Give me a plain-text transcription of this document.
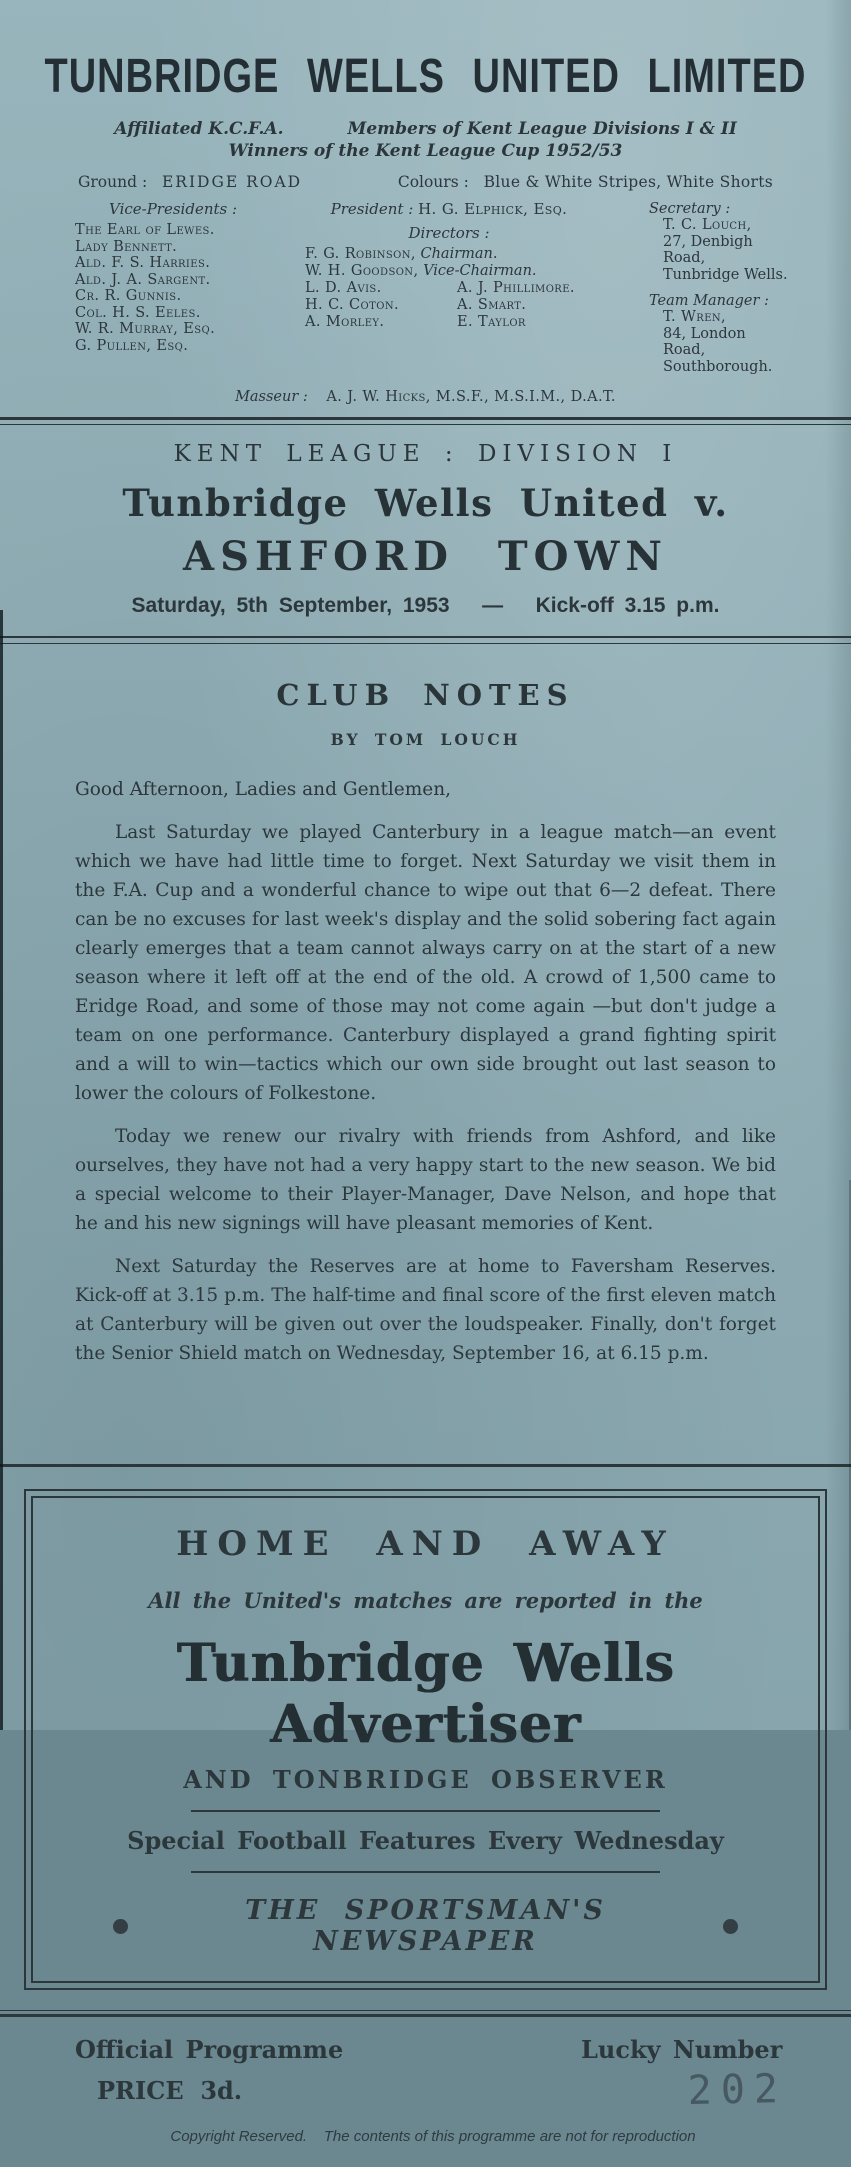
TUNBRIDGE WELLS UNITED LIMITED
Affiliated K.C.F.A.	Members of Kent League Divisions I & II
Winners of the Kent League Cup 1952/53
Ground : ERIDGE ROAD	Colours : Blue & White Stripes, White Shorts
Vice-Presidents :
The Earl of Lewes.
Lady Bennett.
Ald. F. S. Harries.
Ald. J. A. Sargent.
Cr. R. Gunnis.
Col. H. S. Eeles.
W. R. Murray, Esq.
G. Pullen, Esq.
President : H. G. Elphick, Esq.
Directors :
F. G. Robinson, Chairman.
W. H. Goodson, Vice-Chairman.
L. D. Avis.	A. J. Phillimore.
H. C. Coton.	A. Smart.
A. Morley.	E. Taylor
Secretary :
T. C. Louch,
27, Denbigh Road,
Tunbridge Wells.
Team Manager :
T. Wren,
84, London Road,
Southborough.
Masseur : A. J. W. Hicks, M.S.F., M.S.I.M., D.A.T.
KENT LEAGUE : DIVISION I
Tunbridge Wells United v.
ASHFORD TOWN
Saturday, 5th September, 1953   —   Kick-off 3.15 p.m.
CLUB NOTES
BY TOM LOUCH

Good Afternoon, Ladies and Gentlemen,

Last Saturday we played Canterbury in a league match—an event which we have had little time to forget. Next Saturday we visit them in the F.A. Cup and a wonderful chance to wipe out that 6—2 defeat. There can be no excuses for last week's display and the solid sobering fact again clearly emerges that a team cannot always carry on at the start of a new season where it left off at the end of the old. A crowd of 1,500 came to Eridge Road, and some of those may not come again —but don't judge a team on one performance. Canterbury displayed a grand fighting spirit and a will to win—tactics which our own side brought out last season to lower the colours of Folkestone.

Today we renew our rivalry with friends from Ashford, and like ourselves, they have not had a very happy start to the new season. We bid a special welcome to their Player-Manager, Dave Nelson, and hope that he and his new signings will have pleasant memories of Kent.

Next Saturday the Reserves are at home to Faversham Reserves. Kick-off at 3.15 p.m. The half-time and final score of the first eleven match at Canterbury will be given out over the loudspeaker. Finally, don't forget the Senior Shield match on Wednesday, September 16, at 6.15 p.m.

HOME AND AWAY
All the United's matches are reported in the
Tunbridge Wells Advertiser
AND TONBRIDGE OBSERVER
Special Football Features Every Wednesday
THE SPORTSMAN'S NEWSPAPER
Official Programme
PRICE  3d.
Lucky Number
202
Copyright Reserved.    The contents of this programme are not for reproduction
